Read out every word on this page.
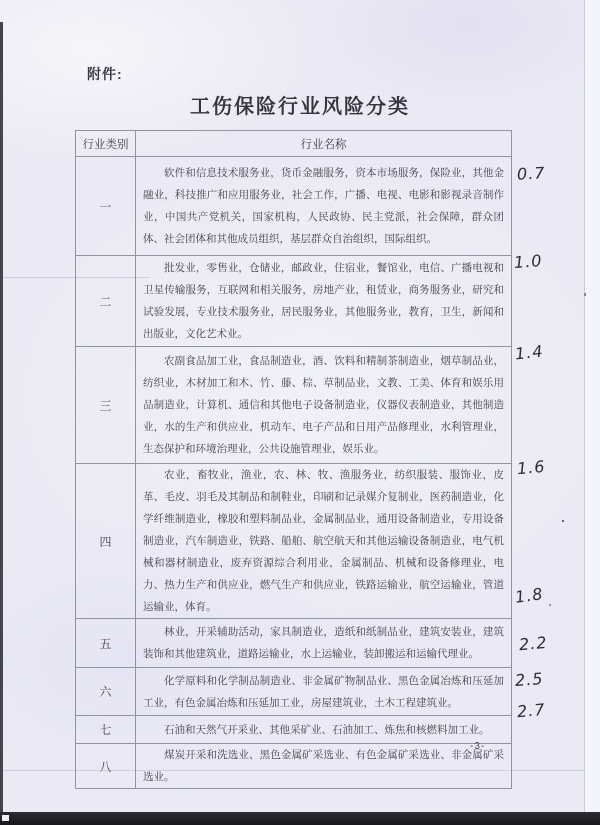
附件:
工伤保险行业风险分类
行业类别	行业名称
一	软件和信息技术服务业，货币金融服务，资本市场服务，保险业，其他金融业，科技推广和应用服务业，社会工作，广播、电视、电影和影视录音制作业，中国共产党机关，国家机构，人民政协、民主党派，社会保障，群众团体、社会团体和其他成员组织，基层群众自治组织，国际组织。

二	批发业，零售业，仓储业，邮政业，住宿业，餐馆业，电信、广播电视和卫星传输服务，互联网和相关服务，房地产业，租赁业，商务服务业，研究和试验发展，专业技术服务业，居民服务业，其他服务业，教育，卫生，新闻和出版业，文化艺术业。

三	农副食品加工业，食品制造业，酒、饮料和精制茶制造业，烟草制品业，纺织业，木材加工和木、竹、藤、棕、草制品业，文教、工美、体育和娱乐用品制造业，计算机、通信和其他电子设备制造业，仪器仪表制造业，其他制造业，水的生产和供应业，机动车、电子产品和日用产品修理业，水利管理业，生态保护和环境治理业，公共设施管理业，娱乐业。

四	农业，畜牧业，渔业，农、林、牧、渔服务业，纺织服装、服饰业，皮革、毛皮、羽毛及其制品和制鞋业，印刷和记录媒介复制业，医药制造业，化学纤维制造业，橡胶和塑料制品业，金属制品业，通用设备制造业，专用设备制造业，汽车制造业，铁路、船舶、航空航天和其他运输设备制造业，电气机械和器材制造业，废弃资源综合利用业，金属制品、机械和设备修理业，电力、热力生产和供应业，燃气生产和供应业，铁路运输业，航空运输业，管道运输业，体育。

五	林业，开采辅助活动，家具制造业，造纸和纸制品业，建筑安装业，建筑装饰和其他建筑业，道路运输业，水上运输业，装卸搬运和运输代理业。

六	化学原料和化学制品制造业、非金属矿物制品业、黑色金属冶炼和压延加工业，有色金属冶炼和压延加工业，房屋建筑业，土木工程建筑业。

七	石油和天然气开采业、其他采矿业、石油加工、炼焦和核燃料加工业。

八	煤炭开采和洗选业、黑色金属矿采选业、有色金属矿采选业、非金属矿采选业。
0.7
1.0
1.4
1.6
1.8
2.2
2.5
2.7
-3-
